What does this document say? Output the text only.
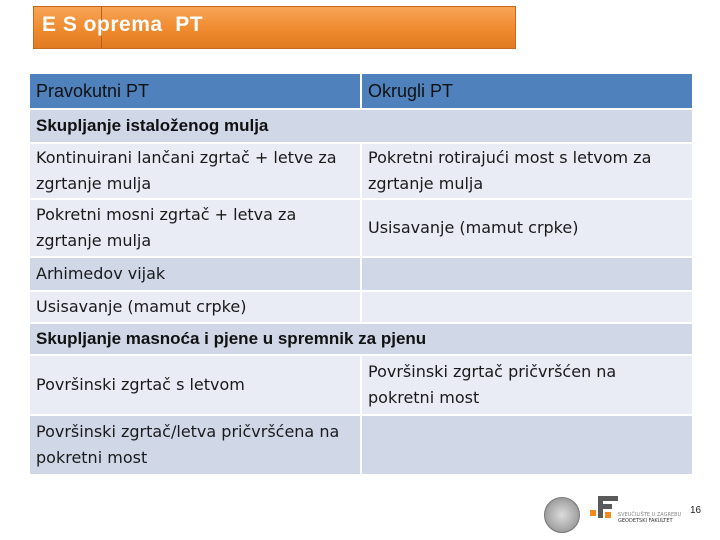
E S oprema  PT
Pravokutni PT	Okrugli PT
Skupljanje istaloženog mulja	
Kontinuirani lančani zgrtač + letve za zgrtanje mulja	Pokretni rotirajući most s letvom za zgrtanje mulja
Pokretni mosni zgrtač + letva za zgrtanje mulja	Usisavanje (mamut crpke)
Arhimedov vijak	
Usisavanje (mamut crpke)	
Skupljanje masnoća i pjene u spremnik za pjenu	
Površinski zgrtač s letvom	Površinski zgrtač pričvršćen na pokretni most
Površinski zgrtač/letva pričvršćena na pokretni most	
SVEUČILIŠTE U ZAGREBU
GEODETSKI FAKULTET
16
